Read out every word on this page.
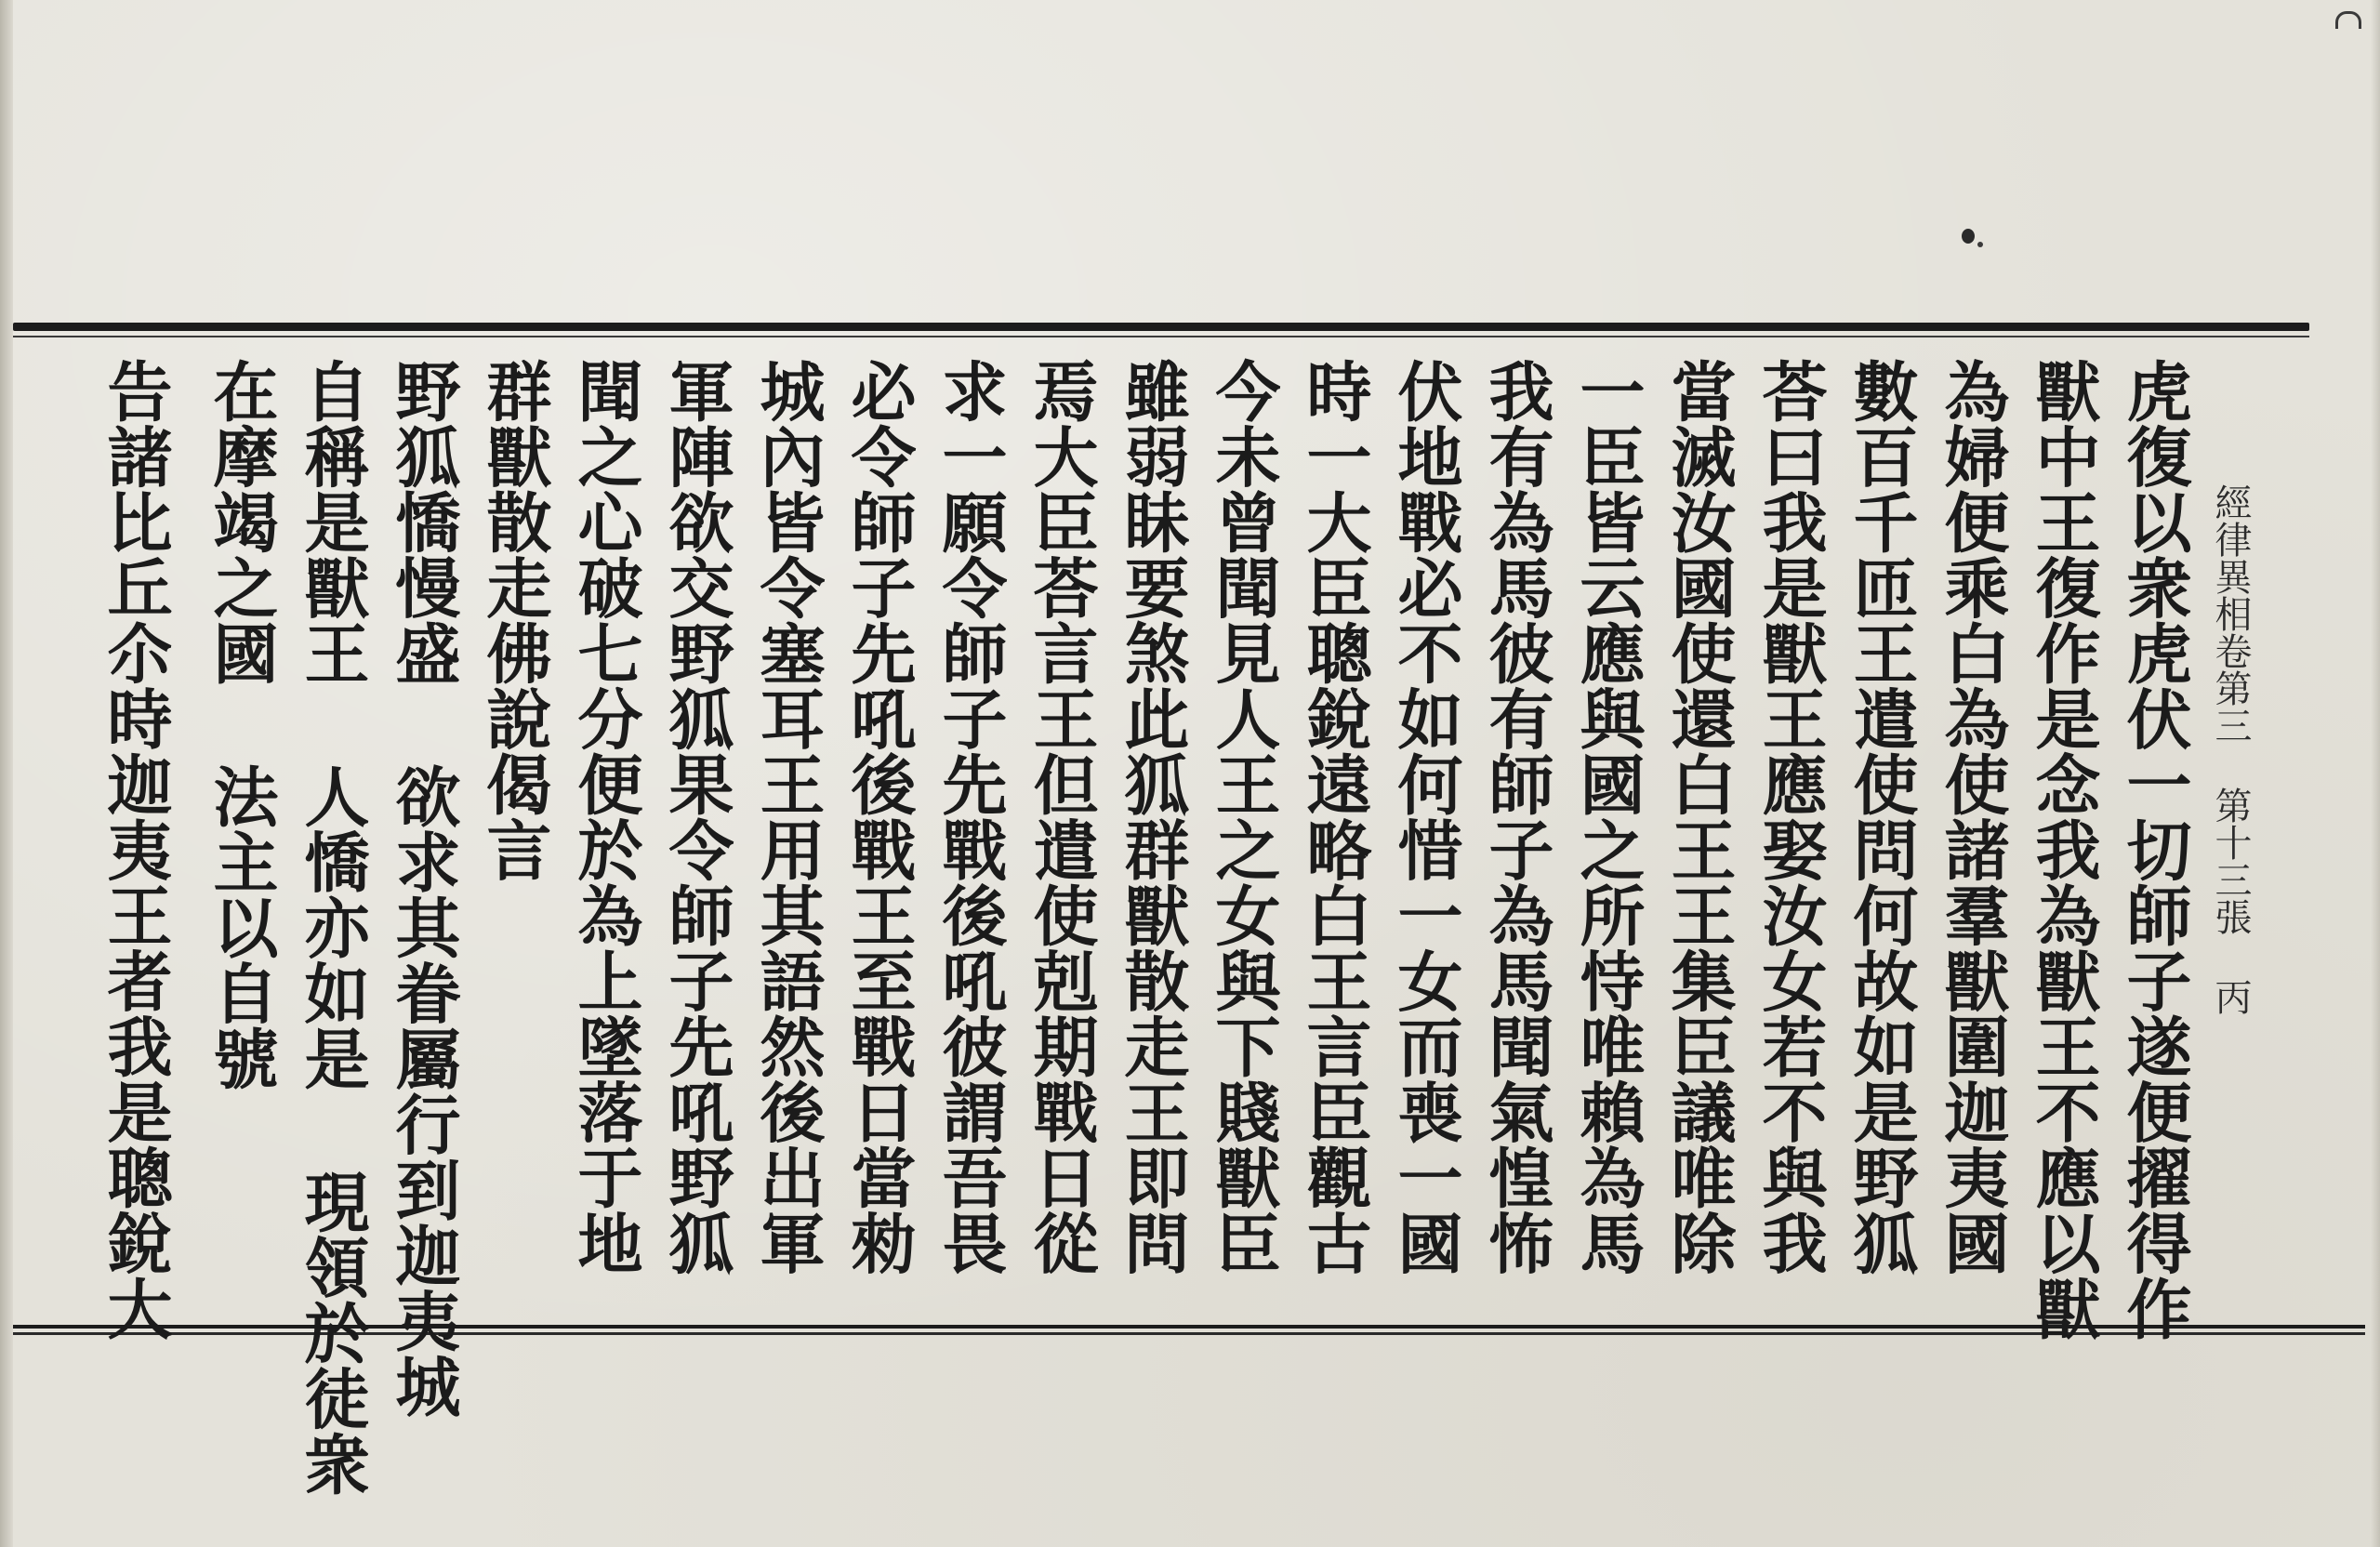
經律異相卷第三 第十三張 丙
虎復以衆虎伏一切師子遂便擢得作
獸中王復作是念我為獸王不應以獸
為婦便乘白為使諸羣獸圍迦夷國
數百千匝王遣使問何故如是野狐
荅曰我是獸王應娶汝女若不與我
當滅汝國使還白王王集臣議唯除
一臣皆云應與國之所恃唯賴為馬
我有為馬彼有師子為馬聞氣惶怖
伏地戰必不如何惜一女而喪一國
時一大臣聰銳遠略白王言臣觀古
今未曾聞見人王之女與下賤獸臣
雖弱眛要煞此狐群獸散走王即問
焉大臣荅言王但遣使剋期戰日從
求一願令師子先戰後吼彼謂吾畏
必令師子先吼後戰王至戰日當勑
城內皆令塞耳王用其語然後出軍
軍陣欲交野狐果令師子先吼野狐
聞之心破七分便於為上墜落于地
群獸散走佛說偈言
野狐憍慢盛 欲求其眷屬行到迦夷城
自稱是獸王 人憍亦如是 現領於徒衆
在摩竭之國 法主以自號
告諸比丘尒時迦夷王者我是聰銳大
